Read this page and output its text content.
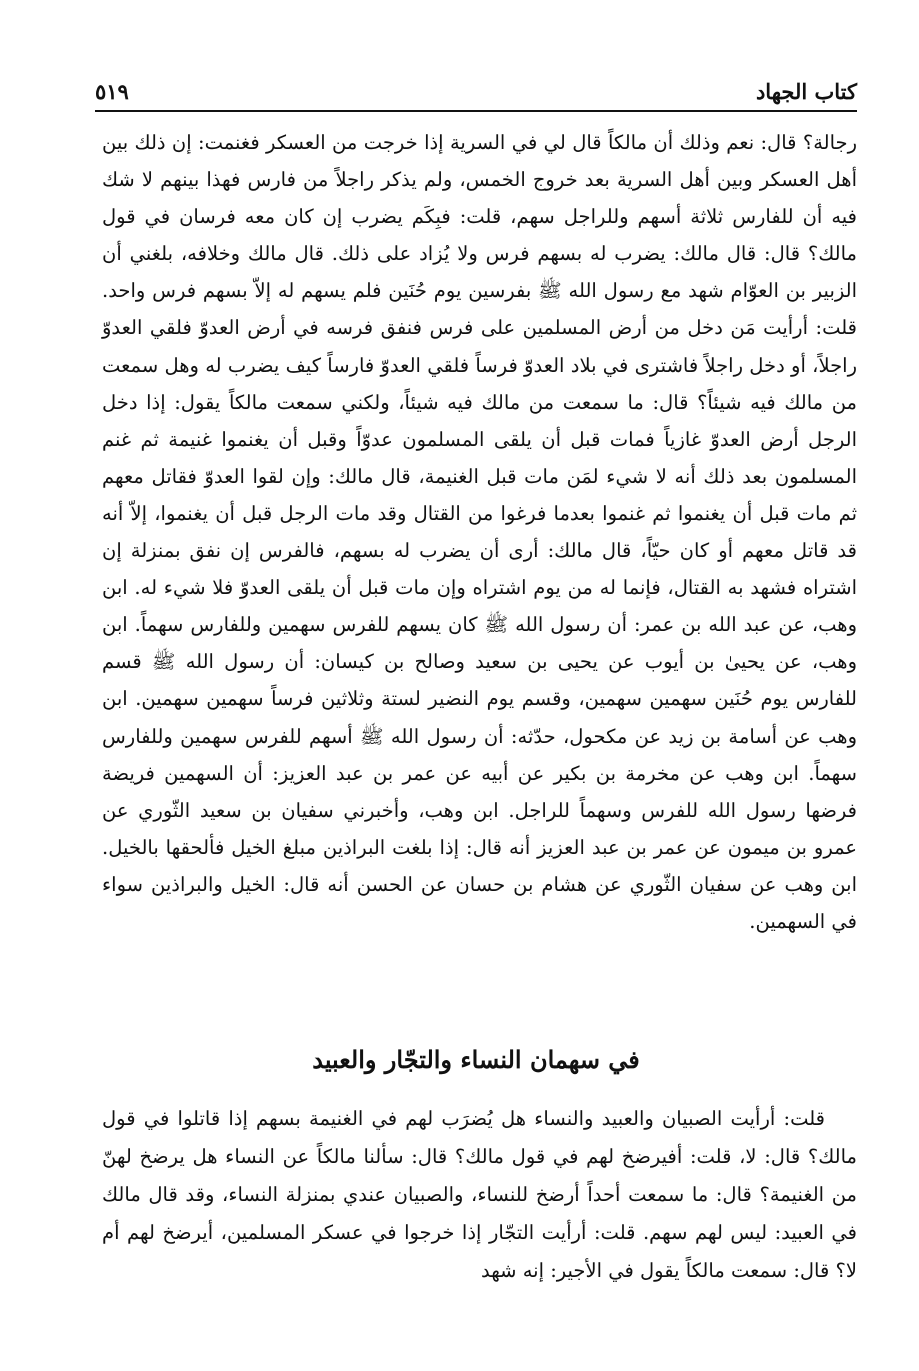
كتاب الجهاد
٥١٩

رجالة؟ قال: نعم وذلك أن مالكاً قال لي في السرية إذا خرجت من العسكر فغنمت: إن ذلك بين أهل العسكر وبين أهل السرية بعد خروج الخمس، ولم يذكر راجلاً من فارس فهذا بينهم لا شك فيه أن للفارس ثلاثة أسهم وللراجل سهم، قلت: فبِكَم يضرب إن كان معه فرسان في قول مالك؟ قال: قال مالك: يضرب له بسهم فرس ولا يُزاد على ذلك. قال مالك وخلافه، بلغني أن الزبير بن العوّام شهد مع رسول الله ﷺ بفرسين يوم حُنَين فلم يسهم له إلاّ بسهم فرس واحد. قلت: أرأيت مَن دخل من أرض المسلمين على فرس فنفق فرسه في أرض العدوّ فلقي العدوّ راجلاً، أو دخل راجلاً فاشترى في بلاد العدوّ فرساً فلقي العدوّ فارساً كيف يضرب له وهل سمعت من مالك فيه شيئاً؟ قال: ما سمعت من مالك فيه شيئاً، ولكني سمعت مالكاً يقول: إذا دخل الرجل أرض العدوّ غازياً فمات قبل أن يلقى المسلمون عدوّاً وقبل أن يغنموا غنيمة ثم غنم المسلمون بعد ذلك أنه لا شيء لمَن مات قبل الغنيمة، قال مالك: وإن لقوا العدوّ فقاتل معهم ثم مات قبل أن يغنموا ثم غنموا بعدما فرغوا من القتال وقد مات الرجل قبل أن يغنموا، إلاّ أنه قد قاتل معهم أو كان حيّاً، قال مالك: أرى أن يضرب له بسهم، فالفرس إن نفق بمنزلة إن اشتراه فشهد به القتال، فإنما له من يوم اشتراه وإن مات قبل أن يلقى العدوّ فلا شيء له. ابن وهب، عن عبد الله بن عمر: أن رسول الله ﷺ كان يسهم للفرس سهمين وللفارس سهماً. ابن وهب، عن يحيىٰ بن أيوب عن يحيى بن سعيد وصالح بن كيسان: أن رسول الله ﷺ قسم للفارس يوم حُنَين سهمين سهمين، وقسم يوم النضير لستة وثلاثين فرساً سهمين سهمين. ابن وهب عن أسامة بن زيد عن مكحول، حدّثه: أن رسول الله ﷺ أسهم للفرس سهمين وللفارس سهماً. ابن وهب عن مخرمة بن بكير عن أبيه عن عمر بن عبد العزيز: أن السهمين فريضة فرضها رسول الله للفرس وسهماً للراجل. ابن وهب، وأخبرني سفيان بن سعيد الثّوري عن عمرو بن ميمون عن عمر بن عبد العزيز أنه قال: إذا بلغت البراذين مبلغ الخيل فألحقها بالخيل. ابن وهب عن سفيان الثّوري عن هشام بن حسان عن الحسن أنه قال: الخيل والبراذين سواء في السهمين.

في سهمان النساء والتجّار والعبيد

قلت: أرأيت الصبيان والعبيد والنساء هل يُضرَب لهم في الغنيمة بسهم إذا قاتلوا في قول مالك؟ قال: لا، قلت: أفيرضخ لهم في قول مالك؟ قال: سألنا مالكاً عن النساء هل يرضخ لهنّ من الغنيمة؟ قال: ما سمعت أحداً أرضخ للنساء، والصبيان عندي بمنزلة النساء، وقد قال مالك في العبيد: ليس لهم سهم. قلت: أرأيت التجّار إذا خرجوا في عسكر المسلمين، أيرضخ لهم أم لا؟ قال: سمعت مالكاً يقول في الأجير: إنه شهد
